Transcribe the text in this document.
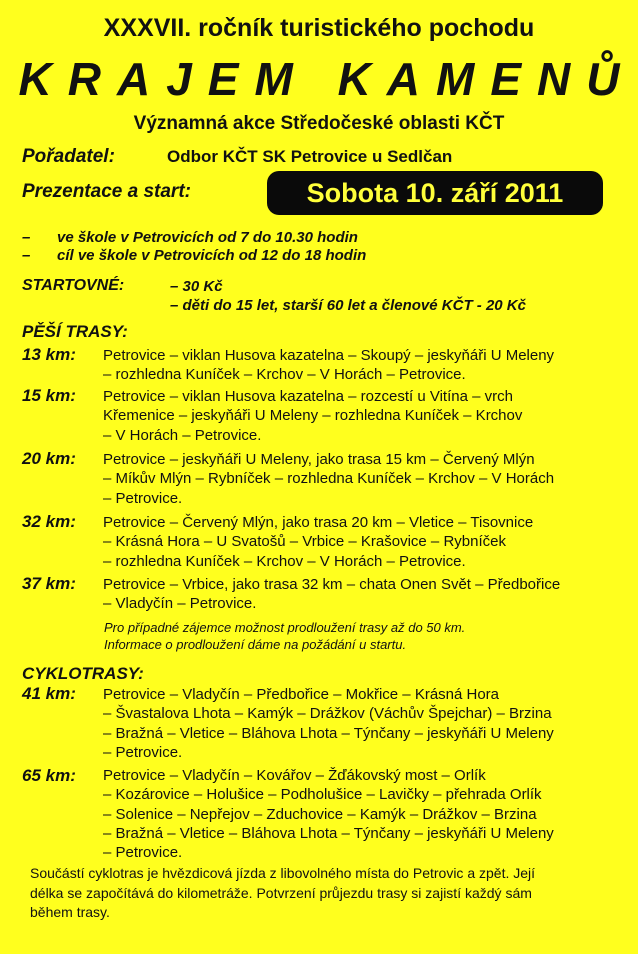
XXXVII. ročník turistického pochodu
KRAJEM KAMENŮ
Významná akce Středočeské oblasti KČT
Pořadatel:	Odbor KČT SK Petrovice u Sedlčan
Prezentace a start:	Sobota 10. září 2011
– ve škole v Petrovicích od 7 do 10.30 hodin
– cíl ve škole v Petrovicích od 12 do 18 hodin
STARTOVNÉ:	– 30 Kč
– děti do 15 let, starší 60 let a členové KČT - 20 Kč
PĚŠÍ TRASY:
13 km: Petrovice – viklan Husova kazatelna – Skoupý – jeskyňáři U Meleny
– rozhledna Kuníček – Krchov – V Horách – Petrovice.
15 km: Petrovice – viklan Husova kazatelna – rozcestí u Vitína – vrch
Křemenice – jeskyňáři U Meleny – rozhledna Kuníček – Krchov
– V Horách – Petrovice.
20 km: Petrovice – jeskyňáři U Meleny, jako trasa 15 km – Červený Mlýn
– Míkův Mlýn – Rybníček – rozhledna Kuníček – Krchov – V Horách
– Petrovice.
32 km: Petrovice – Červený Mlýn, jako trasa 20 km – Vletice – Tisovnice
– Krásná Hora – U Svatošů – Vrbice – Krašovice – Rybníček
– rozhledna Kuníček – Krchov – V Horách – Petrovice.
37 km: Petrovice – Vrbice, jako trasa 32 km – chata Onen Svět – Předbořice
– Vladyčín – Petrovice.
Pro případné zájemce možnost prodloužení trasy až do 50 km.
Informace o prodloužení dáme na požádání u startu.
CYKLOTRASY:
41 km: Petrovice – Vladyčín – Předbořice – Mokřice – Krásná Hora
– Švastalova Lhota – Kamýk – Drážkov (Váchův Špejchar) – Brzina
– Bražná – Vletice – Bláhova Lhota – Týnčany – jeskyňáři U Meleny
– Petrovice.
65 km: Petrovice – Vladyčín – Kovářov – Žďákovský most – Orlík
– Kozárovice – Holušice – Podholušice – Lavičky – přehrada Orlík
– Solenice – Nepřejov – Zduchovice – Kamýk – Drážkov – Brzina
– Bražná – Vletice – Bláhova Lhota – Týnčany – jeskyňáři U Meleny
– Petrovice.
Součástí cyklotras je hvězdicová jízda z libovolného místa do Petrovic a zpět. Její
délka se započítává do kilometráže. Potvrzení průjezdu trasy si zajistí každý sám
během trasy.
